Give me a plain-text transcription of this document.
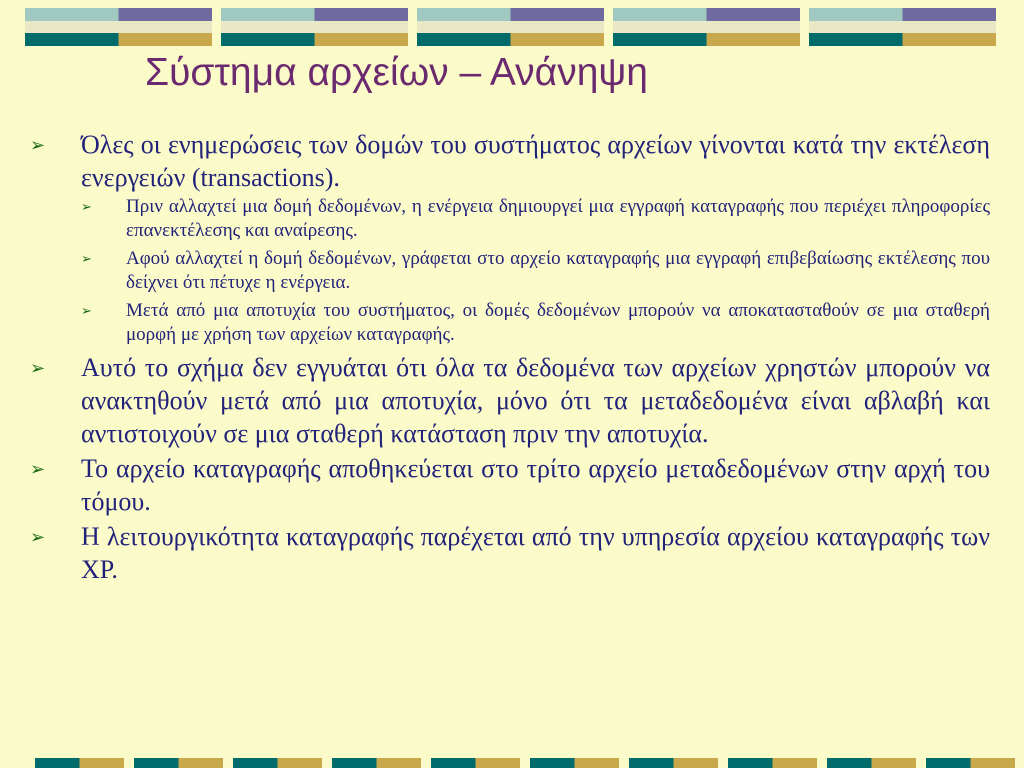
Σύστημα αρχείων – Ανάνηψη
➢ Όλες οι ενημερώσεις των δομών του συστήματος αρχείων γίνονται κατά την εκτέλεση ενεργειών (transactions).
➢ Πριν αλλαχτεί μια δομή δεδομένων, η ενέργεια δημιουργεί μια εγγραφή καταγραφής που περιέχει πληροφορίες επανεκτέλεσης και αναίρεσης.
➢ Αφού αλλαχτεί η δομή δεδομένων, γράφεται στο αρχείο καταγραφής μια εγγραφή επιβεβαίωσης εκτέλεσης που δείχνει ότι πέτυχε η ενέργεια.
➢ Μετά από μια αποτυχία του συστήματος, οι δομές δεδομένων μπορούν να αποκατασταθούν σε μια σταθερή μορφή με χρήση των αρχείων καταγραφής.
➢ Αυτό το σχήμα δεν εγγυάται ότι όλα τα δεδομένα των αρχείων χρηστών μπορούν να ανακτηθούν μετά από μια αποτυχία, μόνο ότι τα μεταδεδομένα είναι αβλαβή και αντιστοιχούν σε μια σταθερή κατάσταση πριν την αποτυχία.
➢ Το αρχείο καταγραφής αποθηκεύεται στο τρίτο αρχείο μεταδεδομένων στην αρχή του τόμου.
➢ Η λειτουργικότητα καταγραφής παρέχεται από την υπηρεσία αρχείου καταγραφής των XP.
